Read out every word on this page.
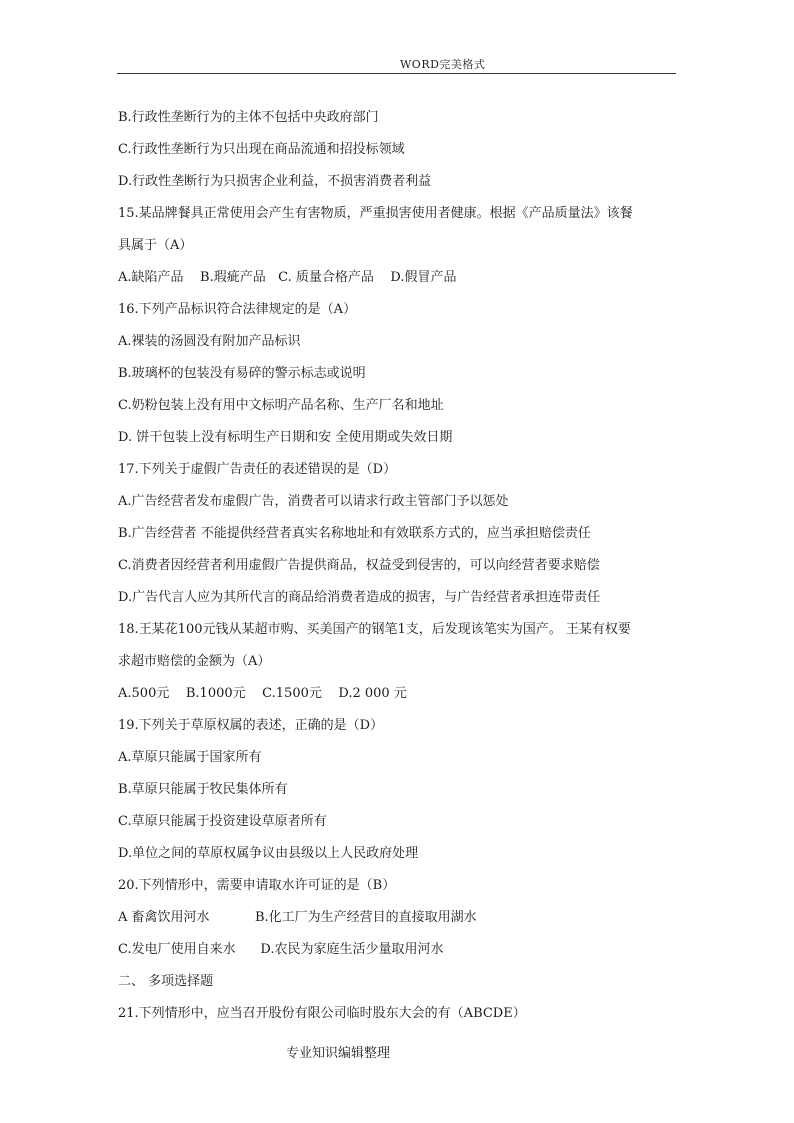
WORD完美格式
B.行政性垄断行为的主体不包括中央政府部门
C.行政性垄断行为只出现在商品流通和招投标领域
D.行政性垄断行为只损害企业利益，不损害消费者利益
15.某品牌餐具正常使用会产生有害物质，严重损害使用者健康。根据《产品质量法》该餐
具属于（A）
A.缺陷产品    B.瑕疵产品   C. 质量合格产品    D.假冒产品
16.下列产品标识符合法律规定的是（A）
A.裸装的汤圆没有附加产品标识
B.玻璃杯的包装没有易碎的警示标志或说明
C.奶粉包装上没有用中文标明产品名称、生产厂名和地址
D. 饼干包装上没有标明生产日期和安 全使用期或失效日期
17.下列关于虚假广告责任的表述错误的是（D）
A.广告经营者发布虚假广告，消费者可以请求行政主管部门予以惩处
B.广告经营者 不能提供经营者真实名称地址和有效联系方式的，应当承担赔偿责任
C.消费者因经营者利用虚假广告提供商品，权益受到侵害的，可以向经营者要求赔偿
D.广告代言人应为其所代言的商品给消费者造成的损害，与广告经营者承担连带责任
18.王某花100元钱从某超市购、买美国产的钢笔1支，后发现该笔实为国产。 王某有权要
求超市赔偿的金额为（A）
A.500元    B.1000元    C.1500元    D.2 000 元
19.下列关于草原权属的表述，正确的是（D）
A.草原只能属于国家所有
B.草原只能属于牧民集体所有
C.草原只能属于投资建设草原者所有
D.单位之间的草原权属争议由县级以上人民政府处理
20.下列情形中，需要申请取水许可证的是（B）
A 畜禽饮用河水           B.化工厂为生产经营目的直接取用湖水
C.发电厂使用自来水      D.农民为家庭生活少量取用河水
二、 多项选择题
21.下列情形中，应当召开股份有限公司临时股东大会的有（ABCDE）
专业知识编辑整理
